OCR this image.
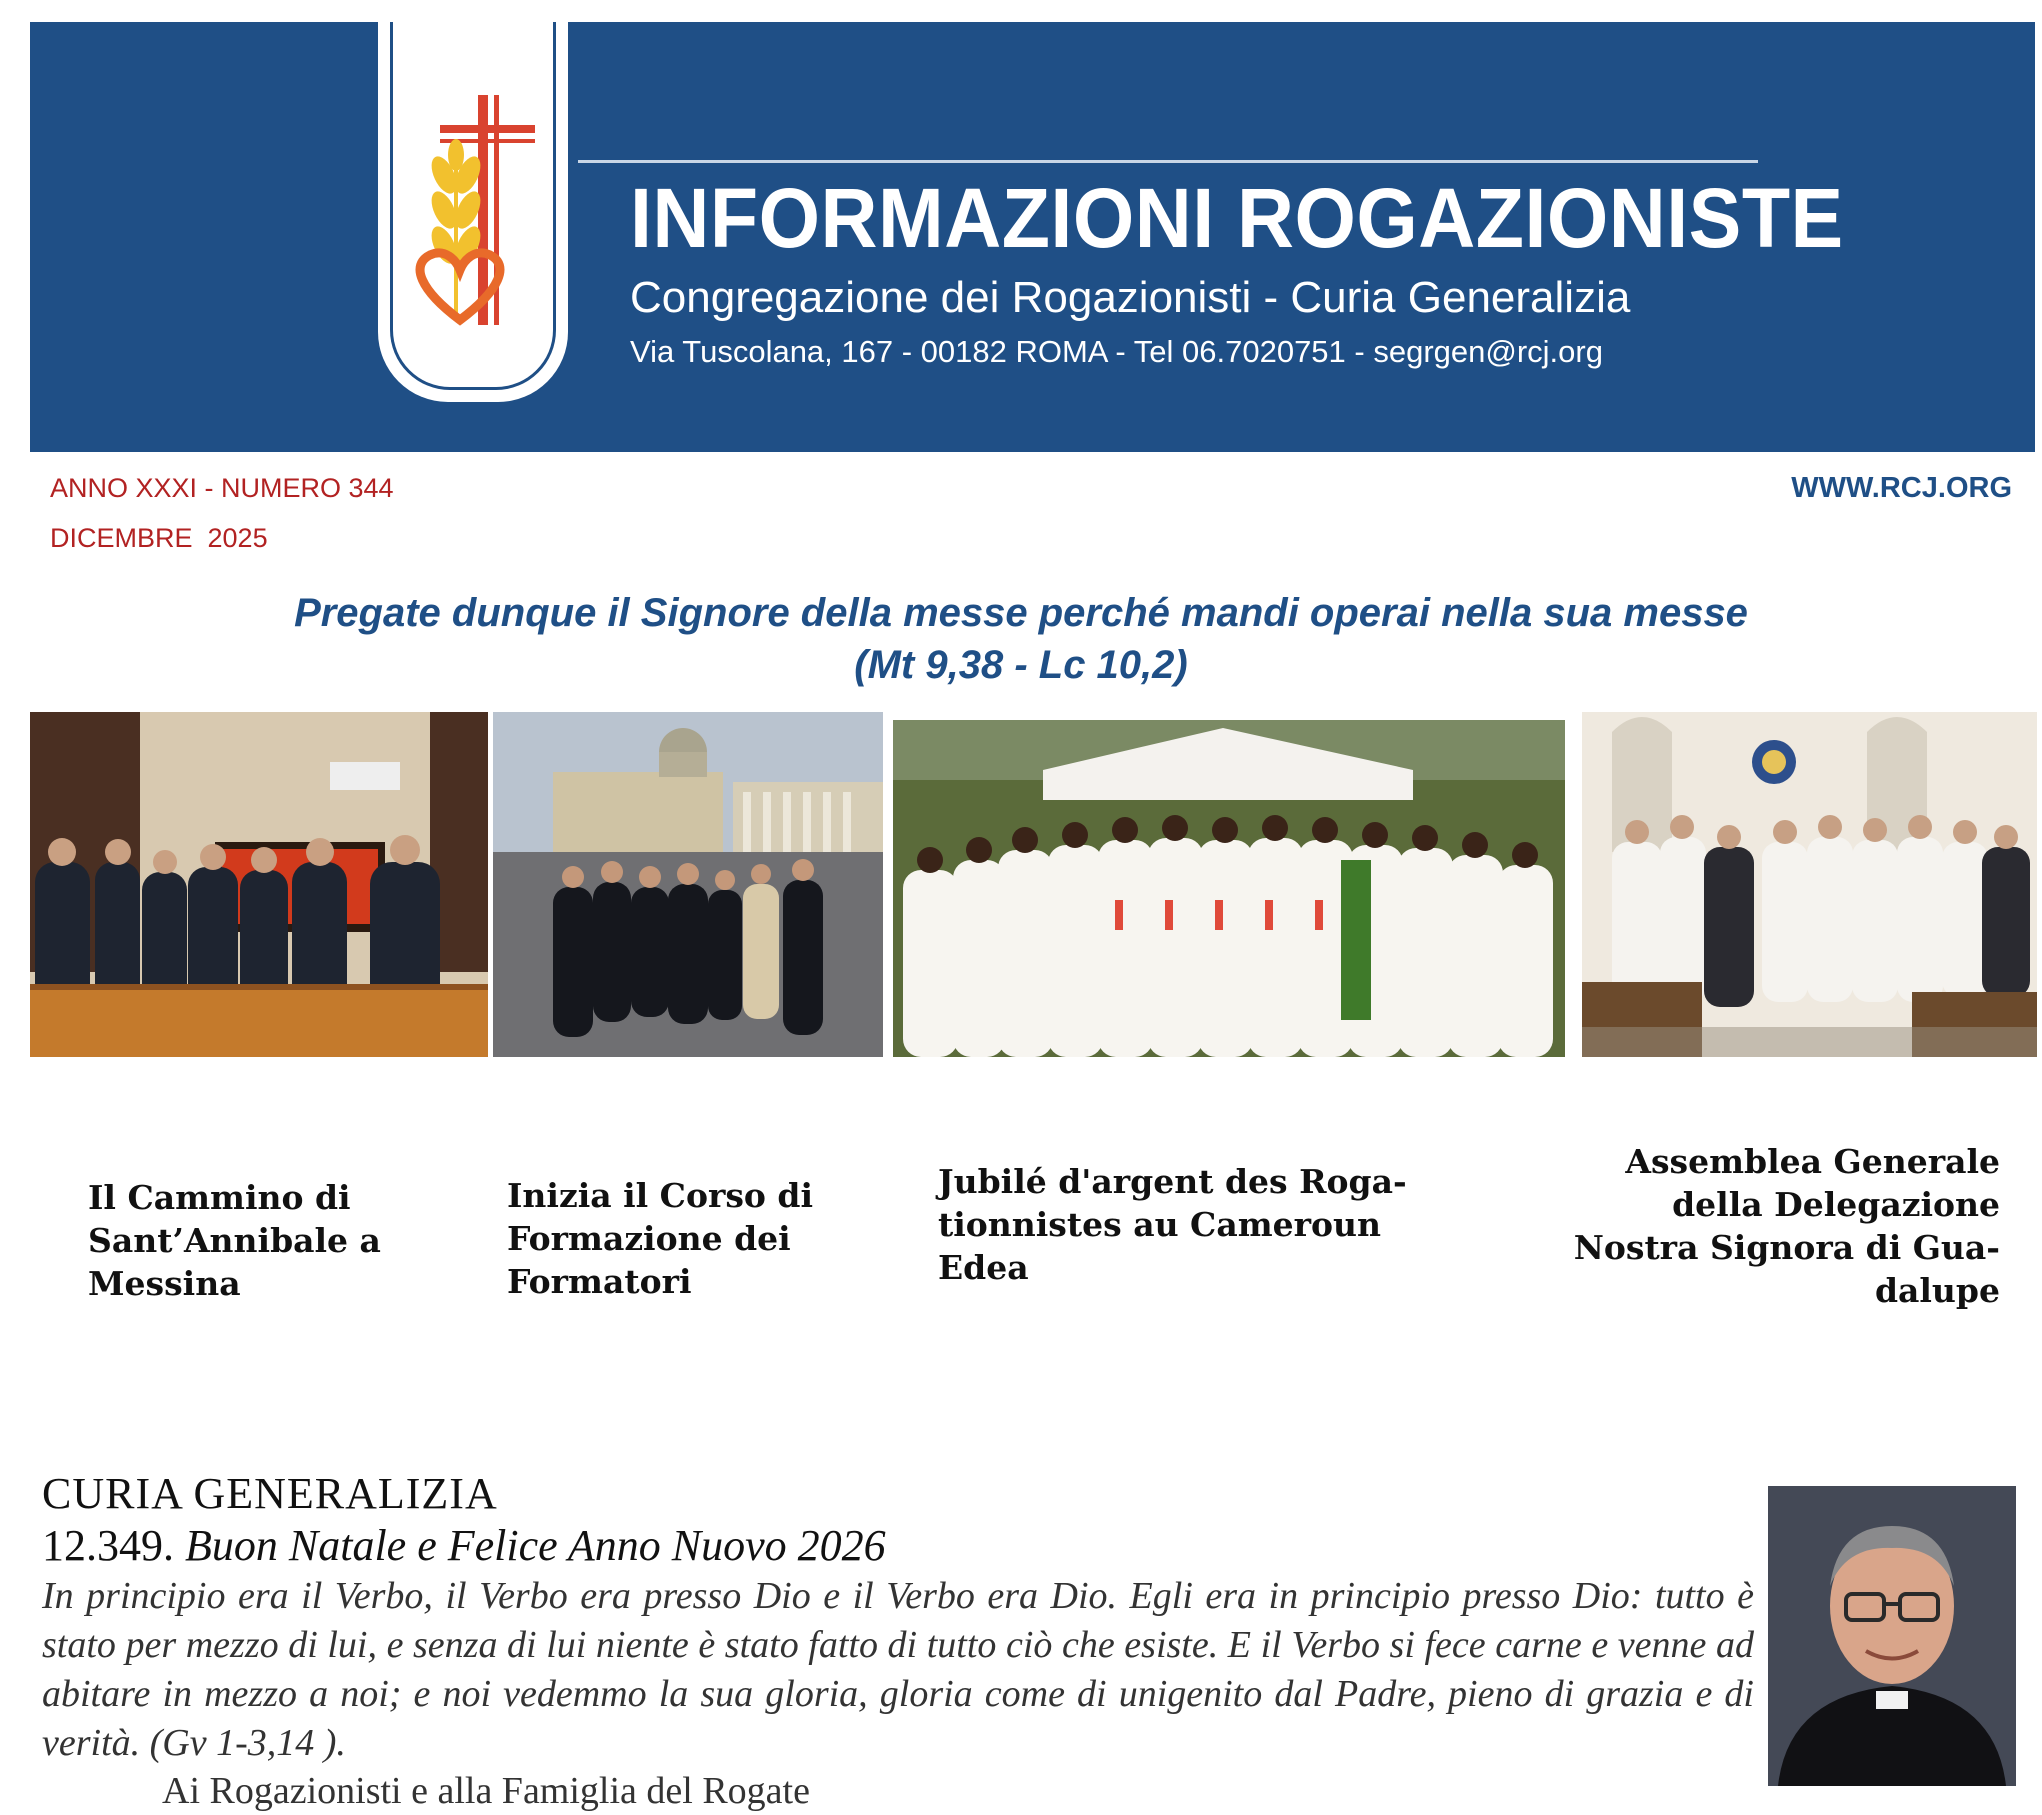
INFORMAZIONI ROGAZIONISTE
Congregazione dei Rogazionisti - Curia Generalizia
Via Tuscolana, 167 - 00182 ROMA - Tel 06.7020751 - segrgen@rcj.org
ANNO XXXI - NUMERO 344
DICEMBRE  2025
WWW.RCJ.ORG
Pregate dunque il Signore della messe perché mandi operai nella sua messe
(Mt 9,38 - Lc 10,2)
Il Cammino di
Sant’Annibale a
Messina
Inizia il Corso di
Formazione dei
Formatori
Jubilé d'argent des Roga-
tionnistes au Cameroun
Edea
Assemblea Generale
della Delegazione
Nostra Signora di Gua-
dalupe
CURIA GENERALIZIA
12.349. Buon Natale e Felice Anno Nuovo 2026
In principio era il Verbo, il Verbo era presso Dio e il Verbo era Dio. Egli era in principio presso Dio: tutto è stato per mezzo di lui, e senza di lui niente è stato fatto di tutto ciò che esiste. E il Verbo si fece carne e venne ad abitare in mezzo a noi; e noi vedemmo la sua gloria, gloria come di unigenito dal Padre, pieno di grazia e di verità. (Gv 1-3,14 ).
Ai Rogazionisti e alla Famiglia del Rogate
